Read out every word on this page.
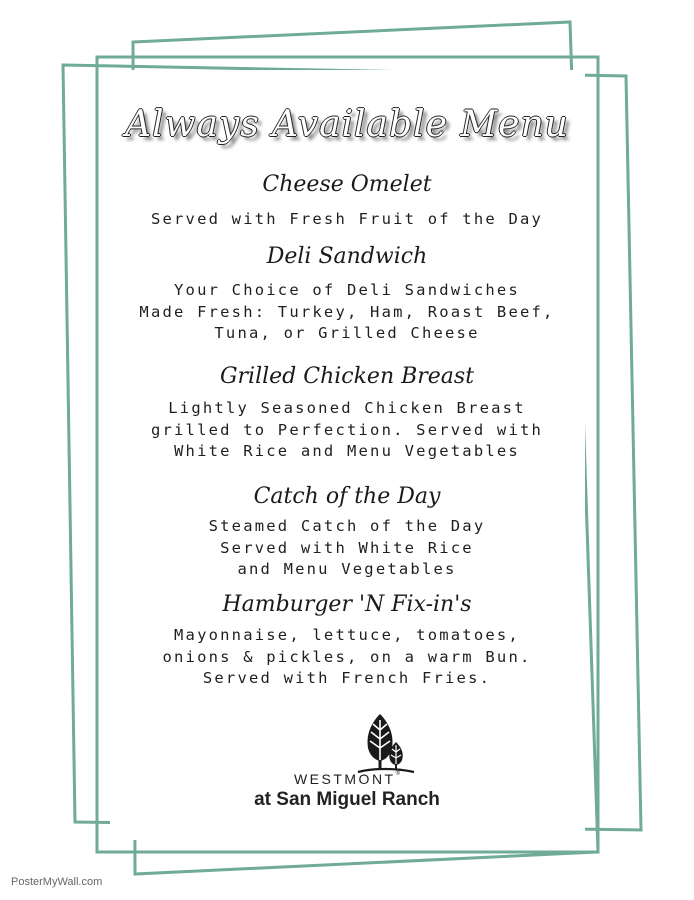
Always Available Menu
Cheese Omelet
Served with Fresh Fruit of the Day
Deli Sandwich
Your Choice of Deli Sandwiches
Made Fresh: Turkey, Ham, Roast Beef,
Tuna, or Grilled Cheese
Grilled Chicken Breast
Lightly Seasoned Chicken Breast
grilled to Perfection. Served with
White Rice and Menu Vegetables
Catch of the Day
Steamed Catch of the Day
Served with White Rice
and Menu Vegetables
Hamburger 'N Fix-in's
Mayonnaise, lettuce, tomatoes,
onions & pickles, on a warm Bun.
Served with French Fries.
WESTMONT®
at San Miguel Ranch
PosterMyWall.com
